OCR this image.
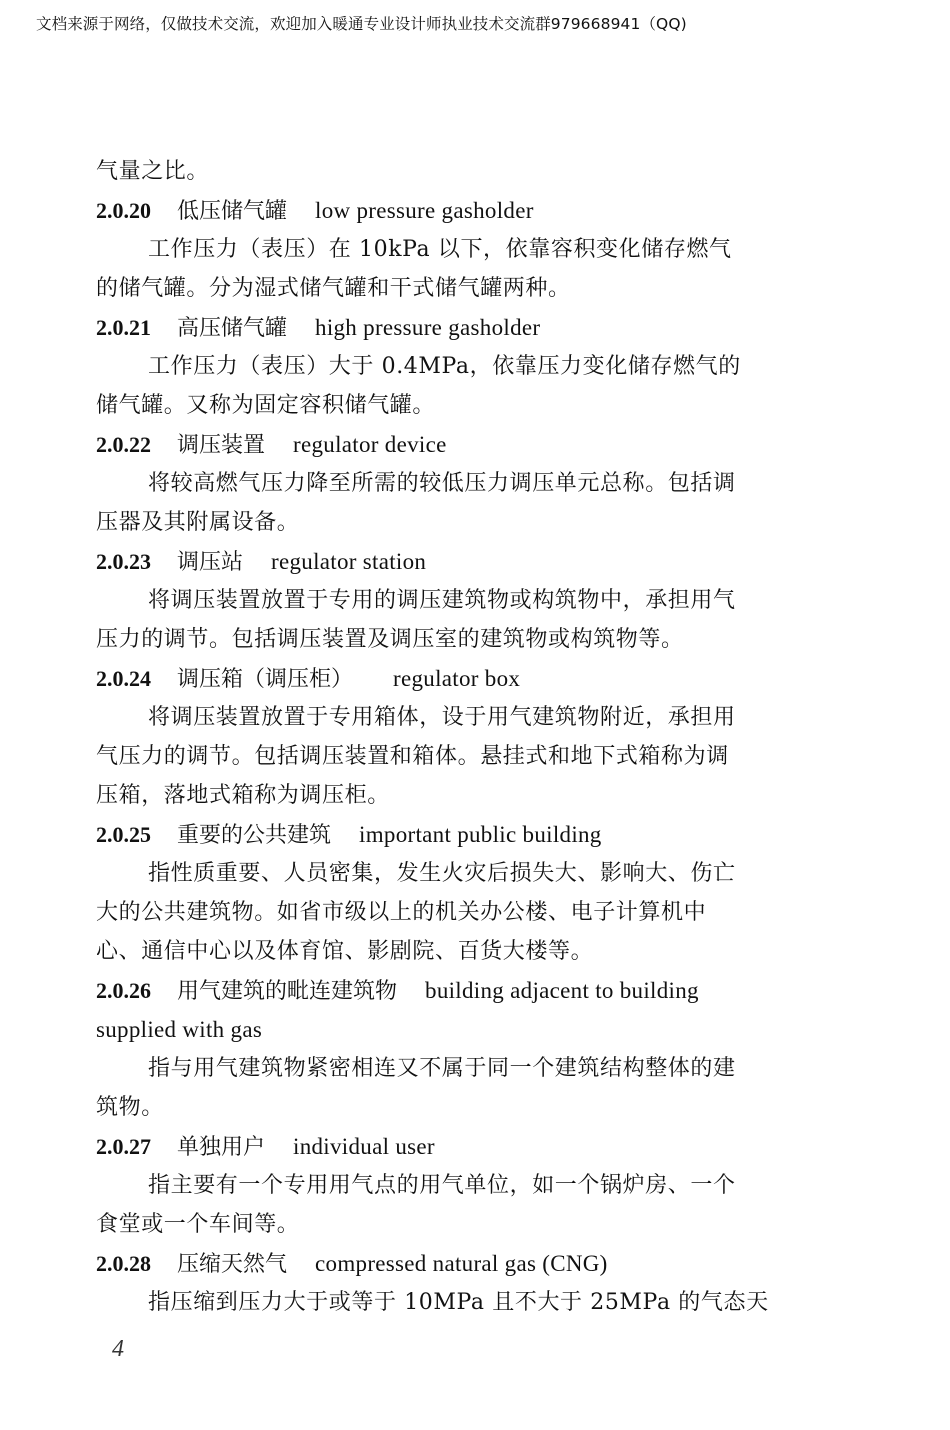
文档来源于网络，仅做技术交流，欢迎加入暖通专业设计师执业技术交流群979668941（QQ)
气量之比。
2.0.20 低压储气罐 low pressure gasholder
工作压力（表压）在 10kPa 以下，依靠容积变化储存燃气
的储气罐。分为湿式储气罐和干式储气罐两种。
2.0.21 高压储气罐 high pressure gasholder
工作压力（表压）大于 0.4MPa，依靠压力变化储存燃气的
储气罐。又称为固定容积储气罐。
2.0.22 调压装置 regulator device
将较高燃气压力降至所需的较低压力调压单元总称。包括调
压器及其附属设备。
2.0.23 调压站 regulator station
将调压装置放置于专用的调压建筑物或构筑物中，承担用气
压力的调节。包括调压装置及调压室的建筑物或构筑物等。
2.0.24 调压箱（调压柜） regulator box
将调压装置放置于专用箱体，设于用气建筑物附近，承担用
气压力的调节。包括调压装置和箱体。悬挂式和地下式箱称为调
压箱，落地式箱称为调压柜。
2.0.25 重要的公共建筑 important public building
指性质重要、人员密集，发生火灾后损失大、影响大、伤亡
大的公共建筑物。如省市级以上的机关办公楼、电子计算机中
心、通信中心以及体育馆、影剧院、百货大楼等。
2.0.26 用气建筑的毗连建筑物 building adjacent to building
supplied with gas
指与用气建筑物紧密相连又不属于同一个建筑结构整体的建
筑物。
2.0.27 单独用户 individual user
指主要有一个专用用气点的用气单位，如一个锅炉房、一个
食堂或一个车间等。
2.0.28 压缩天然气 compressed natural gas (CNG)
指压缩到压力大于或等于 10MPa 且不大于 25MPa 的气态天
4
